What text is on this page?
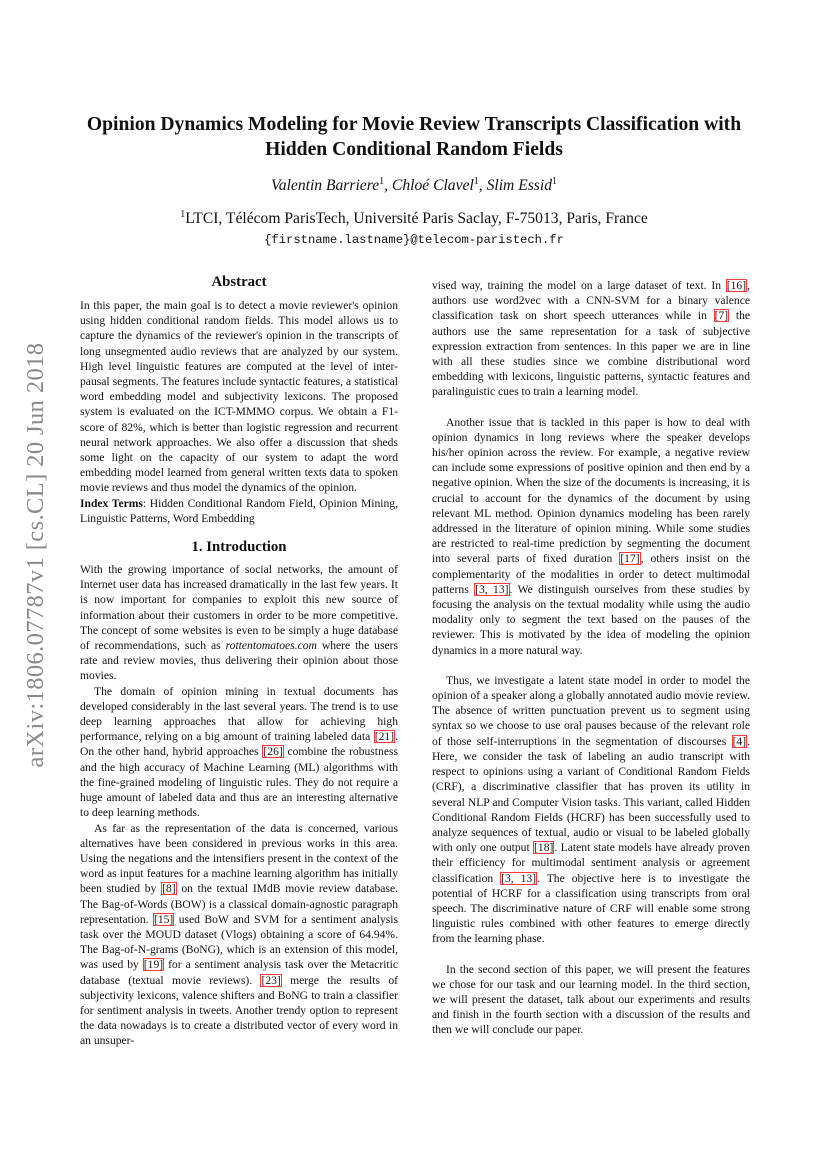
arXiv:1806.07787v1 [cs.CL] 20 Jun 2018
Opinion Dynamics Modeling for Movie Review Transcripts Classification with Hidden Conditional Random Fields
Valentin Barriere$^1$, Chloé Clavel$^1$, Slim Essid$^1$
$^1$LTCI, Télécom ParisTech, Université Paris Saclay, F-75013, Paris, France
{firstname.lastname}@telecom-paristech.fr
Abstract

In this paper, the main goal is to detect a movie reviewer's opinion using hidden conditional random fields. This model allows us to capture the dynamics of the reviewer's opinion in the transcripts of long unsegmented audio reviews that are analyzed by our system. High level linguistic features are computed at the level of inter-pausal segments. The features include syntactic features, a statistical word embedding model and subjectivity lexicons. The proposed system is evaluated on the ICT-MMMO corpus. We obtain a F1-score of 82%, which is better than logistic regression and recurrent neural network approaches. We also offer a discussion that sheds some light on the capacity of our system to adapt the word embedding model learned from general written texts data to spoken movie reviews and thus model the dynamics of the opinion.

Index Terms: Hidden Conditional Random Field, Opinion Mining, Linguistic Patterns, Word Embedding

1. Introduction

With the growing importance of social networks, the amount of Internet user data has increased dramatically in the last few years. It is now important for companies to exploit this new source of information about their customers in order to be more competitive. The concept of some websites is even to be simply a huge database of recommendations, such as rottentomatoes.com where the users rate and review movies, thus delivering their opinion about those movies.

The domain of opinion mining in textual documents has developed considerably in the last several years. The trend is to use deep learning approaches that allow for achieving high performance, relying on a big amount of training labeled data [21]. On the other hand, hybrid approaches [26] combine the robustness and the high accuracy of Machine Learning (ML) algorithms with the fine-grained modeling of linguistic rules. They do not require a huge amount of labeled data and thus are an interesting alternative to deep learning methods.

As far as the representation of the data is concerned, various alternatives have been considered in previous works in this area. Using the negations and the intensifiers present in the context of the word as input features for a machine learning algorithm has initially been studied by [8] on the textual IMdB movie review database. The Bag-of-Words (BOW) is a classical domain-agnostic paragraph representation. [15] used BoW and SVM for a sentiment analysis task over the MOUD dataset (Vlogs) obtaining a score of 64.94%. The Bag-of-N-grams (BoNG), which is an extension of this model, was used by [19] for a sentiment analysis task over the Metacritic database (textual movie reviews). [23] merge the results of subjectivity lexicons, valence shifters and BoNG to train a classifier for sentiment analysis in tweets. Another trendy option to represent the data nowadays is to create a distributed vector of every word in an unsuper-

vised way, training the model on a large dataset of text. In [16], authors use word2vec with a CNN-SVM for a binary valence classification task on short speech utterances while in [7] the authors use the same representation for a task of subjective expression extraction from sentences. In this paper we are in line with all these studies since we combine distributional word embedding with lexicons, linguistic patterns, syntactic features and paralinguistic cues to train a learning model.

Another issue that is tackled in this paper is how to deal with opinion dynamics in long reviews where the speaker develops his/her opinion across the review. For example, a negative review can include some expressions of positive opinion and then end by a negative opinion. When the size of the documents is increasing, it is crucial to account for the dynamics of the document by using relevant ML method. Opinion dynamics modeling has been rarely addressed in the literature of opinion mining. While some studies are restricted to real-time prediction by segmenting the document into several parts of fixed duration [17], others insist on the complementarity of the modalities in order to detect multimodal patterns [3, 13]. We distinguish ourselves from these studies by focusing the analysis on the textual modality while using the audio modality only to segment the text based on the pauses of the reviewer. This is motivated by the idea of modeling the opinion dynamics in a more natural way.

Thus, we investigate a latent state model in order to model the opinion of a speaker along a globally annotated audio movie review. The absence of written punctuation prevent us to segment using syntax so we choose to use oral pauses because of the relevant role of those self-interruptions in the segmentation of discourses [4]. Here, we consider the task of labeling an audio transcript with respect to opinions using a variant of Conditional Random Fields (CRF), a discriminative classifier that has proven its utility in several NLP and Computer Vision tasks. This variant, called Hidden Conditional Random Fields (HCRF) has been successfully used to analyze sequences of textual, audio or visual to be labeled globally with only one output [18]. Latent state models have already proven their efficiency for multimodal sentiment analysis or agreement classification [3, 13]. The objective here is to investigate the potential of HCRF for a classification using transcripts from oral speech. The discriminative nature of CRF will enable some strong linguistic rules combined with other features to emerge directly from the learning phase.

In the second section of this paper, we will present the features we chose for our task and our learning model. In the third section, we will present the dataset, talk about our experiments and results and finish in the fourth section with a discussion of the results and then we will conclude our paper.
